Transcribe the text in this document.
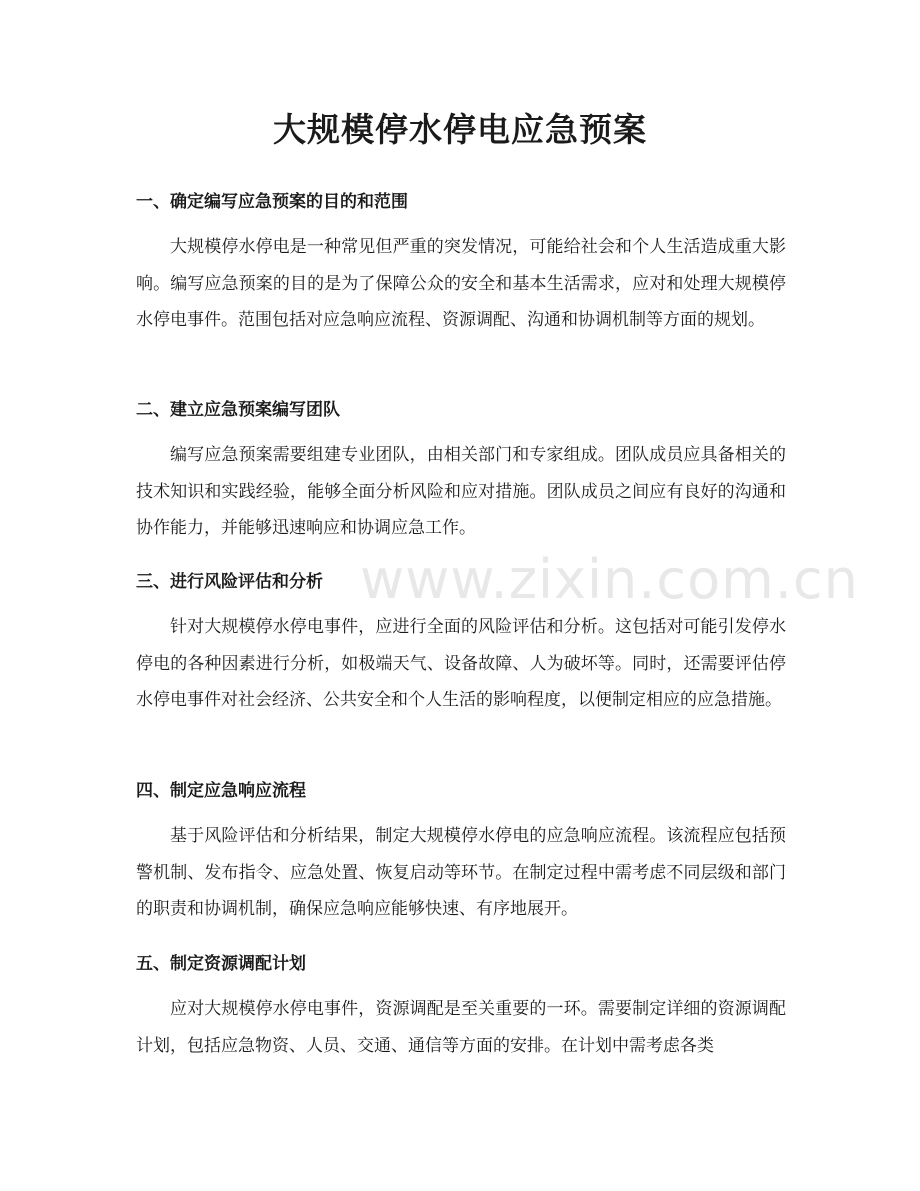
大规模停水停电应急预案
一、确定编写应急预案的目的和范围

大规模停水停电是一种常见但严重的突发情况，可能给社会和个人生活造成重大影响。编写应急预案的目的是为了保障公众的安全和基本生活需求，应对和处理大规模停水停电事件。范围包括对应急响应流程、资源调配、沟通和协调机制等方面的规划。

二、建立应急预案编写团队

编写应急预案需要组建专业团队，由相关部门和专家组成。团队成员应具备相关的技术知识和实践经验，能够全面分析风险和应对措施。团队成员之间应有良好的沟通和协作能力，并能够迅速响应和协调应急工作。

三、进行风险评估和分析

针对大规模停水停电事件，应进行全面的风险评估和分析。这包括对可能引发停水停电的各种因素进行分析，如极端天气、设备故障、人为破坏等。同时，还需要评估停水停电事件对社会经济、公共安全和个人生活的影响程度，以便制定相应的应急措施。

四、制定应急响应流程

基于风险评估和分析结果，制定大规模停水停电的应急响应流程。该流程应包括预警机制、发布指令、应急处置、恢复启动等环节。在制定过程中需考虑不同层级和部门的职责和协调机制，确保应急响应能够快速、有序地展开。

五、制定资源调配计划

应对大规模停水停电事件，资源调配是至关重要的一环。需要制定详细的资源调配计划，包括应急物资、人员、交通、通信等方面的安排。在计划中需考虑各类

www.zixin.com.cn
